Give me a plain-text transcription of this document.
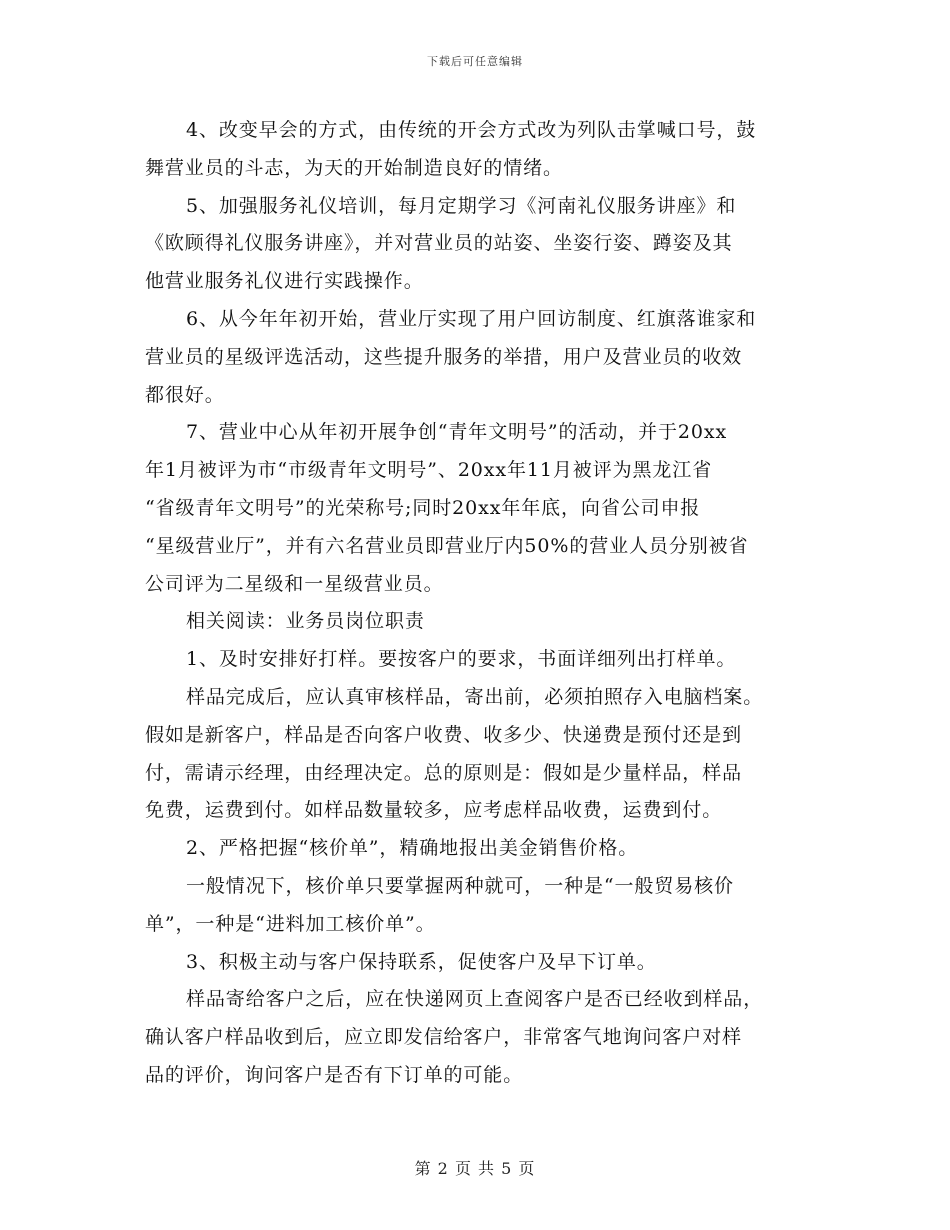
下载后可任意编辑
4、改变早会的方式，由传统的开会方式改为列队击掌喊口号，鼓
舞营业员的斗志，为天的开始制造良好的情绪。
5、加强服务礼仪培训，每月定期学习《河南礼仪服务讲座》和
《欧顾得礼仪服务讲座》，并对营业员的站姿、坐姿行姿、蹲姿及其
他营业服务礼仪进行实践操作。
6、从今年年初开始，营业厅实现了用户回访制度、红旗落谁家和
营业员的星级评选活动，这些提升服务的举措，用户及营业员的收效
都很好。
7、营业中心从年初开展争创“青年文明号”的活动，并于20xx
年1月被评为市“市级青年文明号”、20xx年11月被评为黑龙江省
“省级青年文明号”的光荣称号;同时20xx年年底，向省公司申报
“星级营业厅”，并有六名营业员即营业厅内50%的营业人员分别被省
公司评为二星级和一星级营业员。
相关阅读：业务员岗位职责
1、及时安排好打样。要按客户的要求，书面详细列出打样单。
样品完成后，应认真审核样品，寄出前，必须拍照存入电脑档案。
假如是新客户，样品是否向客户收费、收多少、快递费是预付还是到
付，需请示经理，由经理决定。总的原则是：假如是少量样品，样品
免费，运费到付。如样品数量较多，应考虑样品收费，运费到付。
2、严格把握“核价单”，精确地报出美金销售价格。
一般情况下，核价单只要掌握两种就可，一种是“一般贸易核价
单”，一种是“进料加工核价单”。
3、积极主动与客户保持联系，促使客户及早下订单。
样品寄给客户之后，应在快递网页上查阅客户是否已经收到样品，
确认客户样品收到后，应立即发信给客户，非常客气地询问客户对样
品的评价，询问客户是否有下订单的可能。
第 2 页 共 5 页
